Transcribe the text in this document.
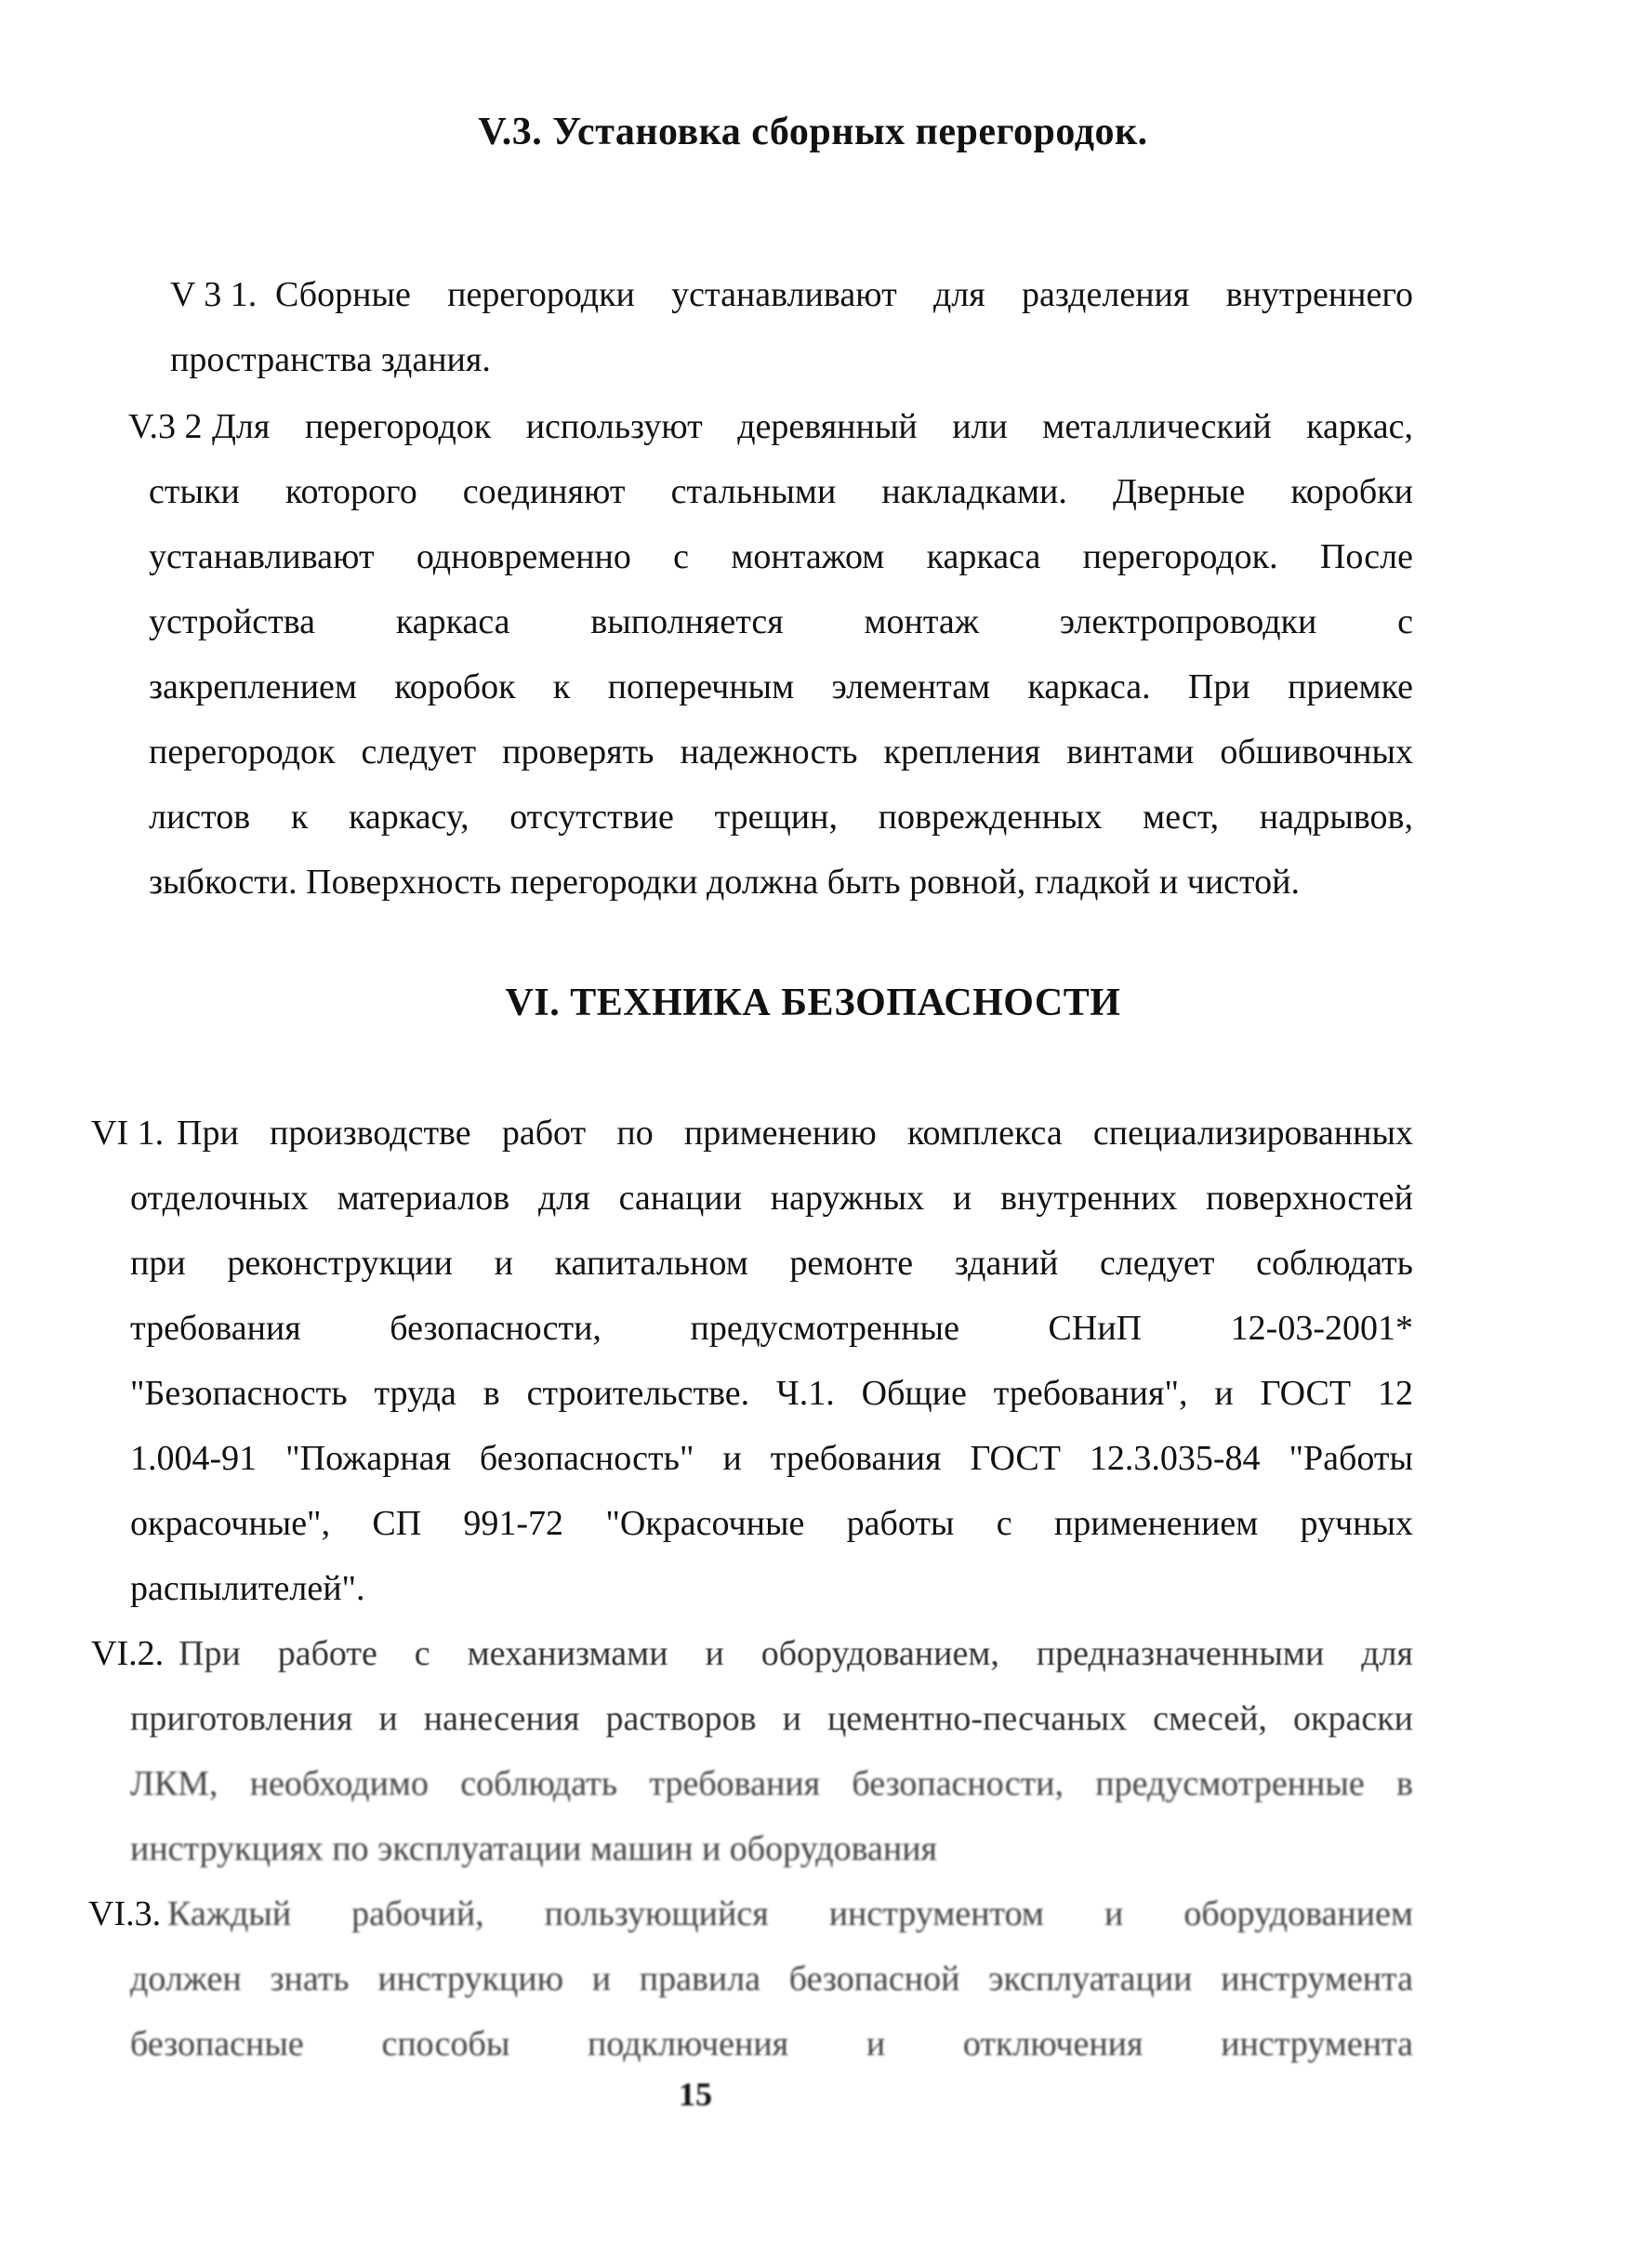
V.3. Установка сборных перегородок.
V 3 1. Сборные перегородки устанавливают для разделения внутреннего
пространства здания.
V.3 2 Для перегородок используют деревянный или металлический каркас,
стыки которого соединяют стальными накладками. Дверные коробки
устанавливают одновременно с монтажом каркаса перегородок. После
устройства каркаса выполняется монтаж электропроводки с
закреплением коробок к поперечным элементам каркаса. При приемке
перегородок следует проверять надежность крепления винтами обшивочных
листов к каркасу, отсутствие трещин, поврежденных мест, надрывов,
зыбкости. Поверхность перегородки должна быть ровной, гладкой и чистой.
VI. ТЕХНИКА БЕЗОПАСНОСТИ
VI 1. При производстве работ по применению комплекса специализированных
отделочных материалов для санации наружных и внутренних поверхностей
при реконструкции и капитальном ремонте зданий следует соблюдать
требования безопасности, предусмотренные СНиП 12-03-2001*
"Безопасность труда в строительстве. Ч.1. Общие требования", и ГОСТ 12
1.004-91 "Пожарная безопасность" и требования ГОСТ 12.3.035-84 "Работы
окрасочные", СП 991-72 "Окрасочные работы с применением ручных
распылителей".
VI.2. При работе с механизмами и оборудованием, предназначенными для
приготовления и нанесения растворов и цементно-песчаных смесей, окраски
ЛКМ, необходимо соблюдать требования безопасности, предусмотренные в
инструкциях по эксплуатации машин и оборудования
VI.3. Каждый рабочий, пользующийся инструментом и оборудованием
должен знать инструкцию и правила безопасной эксплуатации инструмента
безопасные способы подключения и отключения инструмента
15
